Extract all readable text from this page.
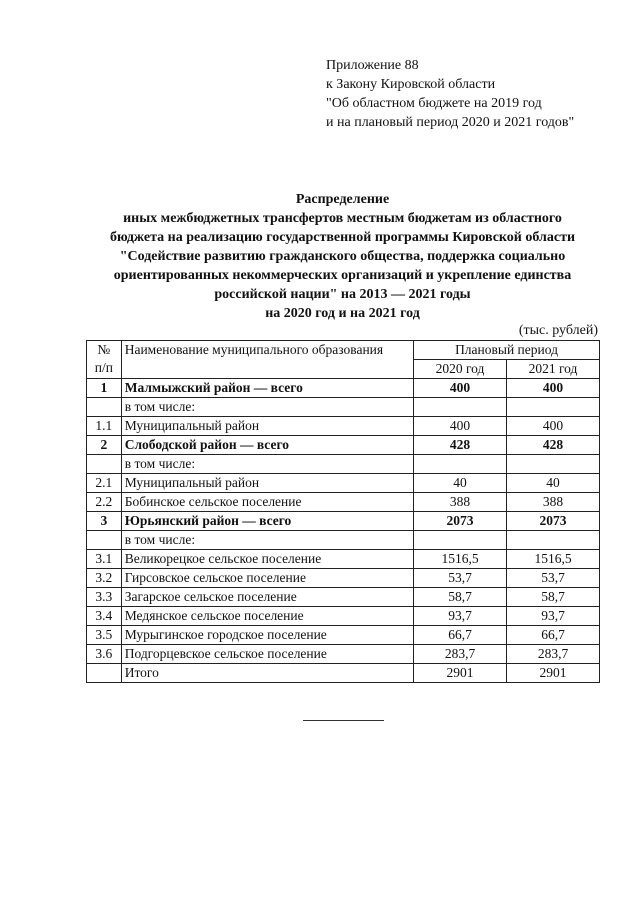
Приложение 88
к Закону Кировской области
"Об областном бюджете на 2019 год
и на плановый период 2020 и 2021 годов"
Распределение
иных межбюджетных трансфертов местным бюджетам из областного
бюджета на реализацию государственной программы Кировской области
"Содействие развитию гражданского общества, поддержка социально
ориентированных некоммерческих организаций и укрепление единства
российской нации" на 2013 — 2021 годы
на 2020 год и на 2021 год
(тыс. рублей)
№
п/п	Наименование муниципального образования	Плановый период	
		2020 год	2021 год
1	Малмыжский район — всего	400	400
	в том числе:		
1.1	Муниципальный район	400	400
2	Слободской район — всего	428	428
	в том числе:		
2.1	Муниципальный район	40	40
2.2	Бобинское сельское поселение	388	388
3	Юрьянский район — всего	2073	2073
	в том числе:		
3.1	Великорецкое сельское поселение	1516,5	1516,5
3.2	Гирсовское сельское поселение	53,7	53,7
3.3	Загарское сельское поселение	58,7	58,7
3.4	Медянское сельское поселение	93,7	93,7
3.5	Мурыгинское городское поселение	66,7	66,7
3.6	Подгорцевское сельское поселение	283,7	283,7
	Итого	2901	2901
